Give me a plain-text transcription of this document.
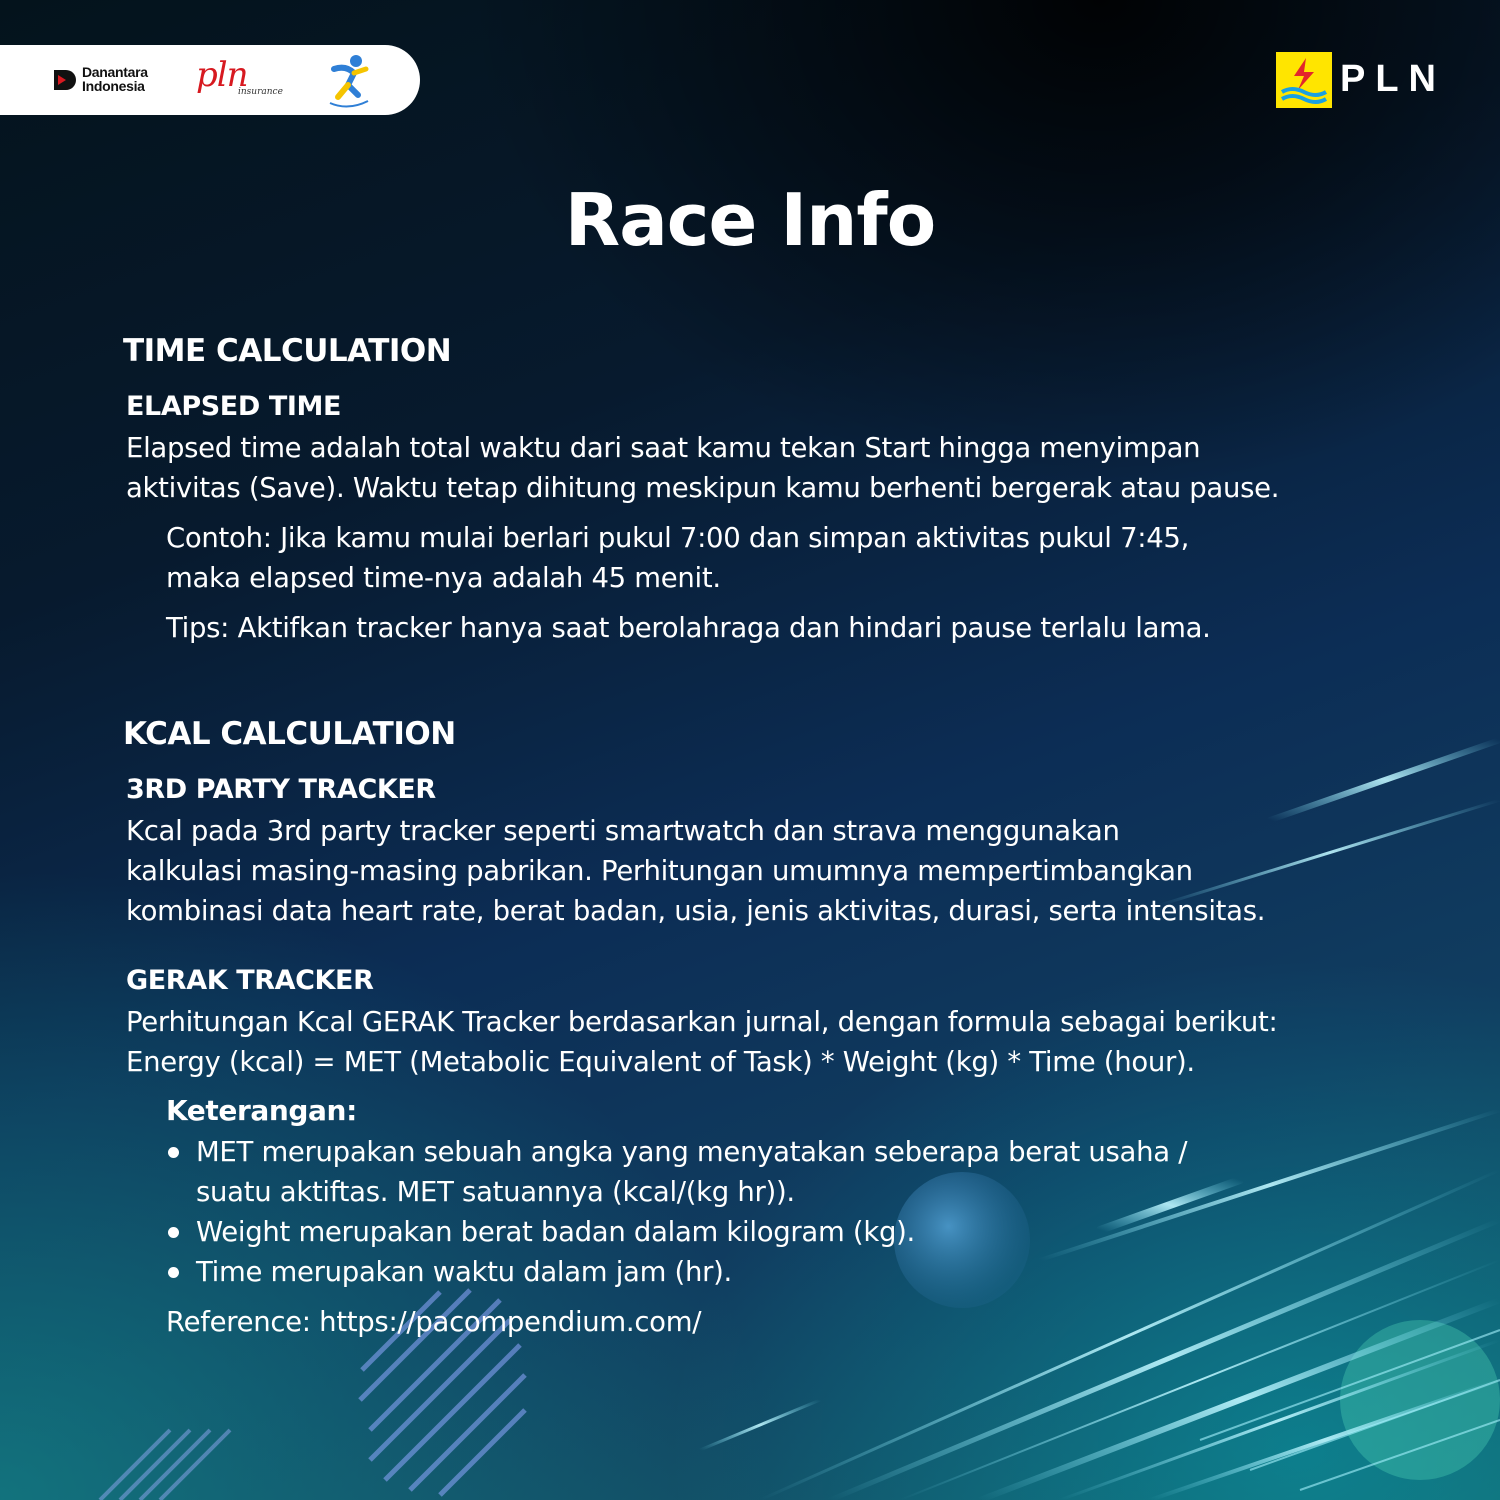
Danantara
Indonesia	pln
insurance	PLN
Race Info
TIME CALCULATION
ELAPSED TIME
Elapsed time adalah total waktu dari saat kamu tekan Start hingga menyimpan
aktivitas (Save). Waktu tetap dihitung meskipun kamu berhenti bergerak atau pause.
Contoh: Jika kamu mulai berlari pukul 7:00 dan simpan aktivitas pukul 7:45,
maka elapsed time-nya adalah 45 menit.
Tips: Aktifkan tracker hanya saat berolahraga dan hindari pause terlalu lama.
KCAL CALCULATION
3RD PARTY TRACKER
Kcal pada 3rd party tracker seperti smartwatch dan strava menggunakan
kalkulasi masing-masing pabrikan. Perhitungan umumnya mempertimbangkan
kombinasi data heart rate, berat badan, usia, jenis aktivitas, durasi, serta intensitas.
GERAK TRACKER
Perhitungan Kcal GERAK Tracker berdasarkan jurnal, dengan formula sebagai berikut:
Energy (kcal) = MET (Metabolic Equivalent of Task) * Weight (kg) * Time (hour).
Keterangan:
MET merupakan sebuah angka yang menyatakan seberapa berat usaha /
suatu aktiftas. MET satuannya (kcal/(kg hr)).
Weight merupakan berat badan dalam kilogram (kg).
Time merupakan waktu dalam jam (hr).
Reference: https://pacompendium.com/
